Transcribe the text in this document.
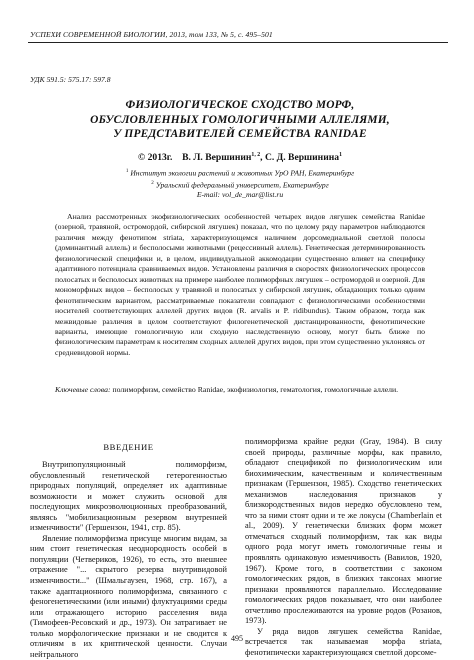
УСПЕХИ СОВРЕМЕННОЙ БИОЛОГИИ, 2013, том 133, № 5, с. 495–501
УДК 591.5: 575.17: 597.8
ФИЗИОЛОГИЧЕСКОЕ СХОДСТВО МОРФ,
ОБУСЛОВЛЕННЫХ ГОМОЛОГИЧНЫМИ АЛЛЕЛЯМИ,
У ПРЕДСТАВИТЕЛЕЙ СЕМЕЙСТВА RANIDAE
© 2013г. В. Л. Вершинин$^{1, 2}$, С. Д. Вершинина$^1$
$^1$ Институт экологии растений и животных УрО РАН, Екатеринбург
$^2$ Уральский федеральный университет, Екатеринбург
E-mail: vol_de_mar@list.ru

Анализ рассмотренных экофизиологических особенностей четырех видов лягушек семейства Ranidae (озерной, травяной, остромордой, сибирской лягушек) показал, что по целому ряду параметров наблюдаются различия между фенотипом striata, характеризующемся наличием дорсомедиальной светлой полосы (доминантный аллель) и бесполосыми животными (рецессивный аллель). Генетическая детерминированность физиологической специфики и, в целом, индивидуальной аккомодации существенно влияет на специфику адаптивного потенциала сравниваемых видов. Установлены различия в скоростях физиологических процессов полосатых и бесполосых животных на примере наиболее полиморфных лягушек – остромордой и озерной. Для мономорфных видов – бесполосых у травяной и полосатых у сибирской лягушек, обладающих только одним фенотипическим вариантом, рассматриваемые показатели совпадают с физиологическими особенностями носителей соответствующих аллелей других видов (R. arvalis и P. ridibundus). Таким образом, тогда как межвидовые различия в целом соответствуют филогенетической дистанцированности, фенотипические варианты, имеющие гомологичную или сходную наследственную основу, могут быть ближе по физиологическим параметрам к носителям сходных аллелей других видов, при этом существенно уклоняясь от средневидовой нормы.

Ключевые слова: полиморфизм, семейство Ranidae, экофизиология, гематология, гомологичные аллели.
ВВЕДЕНИЕ

Внутрипопуляционный полиморфизм, обусловленный генетической гетерогенностью природных популяций, определяет их адаптивные возможности и может служить основой для последующих микроэволюционных преобразований, являясь "мобилизационным резервом внутренней изменчивости" (Гершензон, 1941, стр. 85).

Явление полиморфизма присуще многим видам, за ним стоит генетическая неоднородность особей в популяции (Четвериков, 1926), то есть, это внешнее отражение "... скрытого резерва внутривидовой изменчивости..." (Шмальгаузен, 1968, стр. 167), а также адаптационного полиморфизма, связанного с феногенетическими (или иными) флуктуациями среды или отражающего историю расселения вида (Тимофеев-Ресовский и др., 1973). Он затрагивает не только морфологические признаки и не сводится к отличиям в их криптической ценности. Случаи нейтрального

полиморфизма крайне редки (Gray, 1984). В силу своей природы, различные морфы, как правило, обладают спецификой по физиологическим или биохимическим, качественным и количественным признакам (Гершензон, 1985). Сходство генетических механизмов наследования признаков у близкородственных видов нередко обусловлено тем, что за ними стоят одни и те же локусы (Chamberlain et al., 2009). У генетически близких форм может отмечаться сходный полиморфизм, так как виды одного рода могут иметь гомологичные гены и проявлять одинаковую изменчивость (Вавилов, 1920, 1967). Кроме того, в соответствии с законом гомологических рядов, в близких таксонах многие признаки проявляются параллельно. Исследование гомологических рядов показывает, что они наиболее отчетливо прослеживаются на уровне родов (Розанов, 1973).

У ряда видов лягушек семейства Ranidae, встречается так называемая морфа striata, фенотипически характеризующаяся светлой дорсоме-

495
